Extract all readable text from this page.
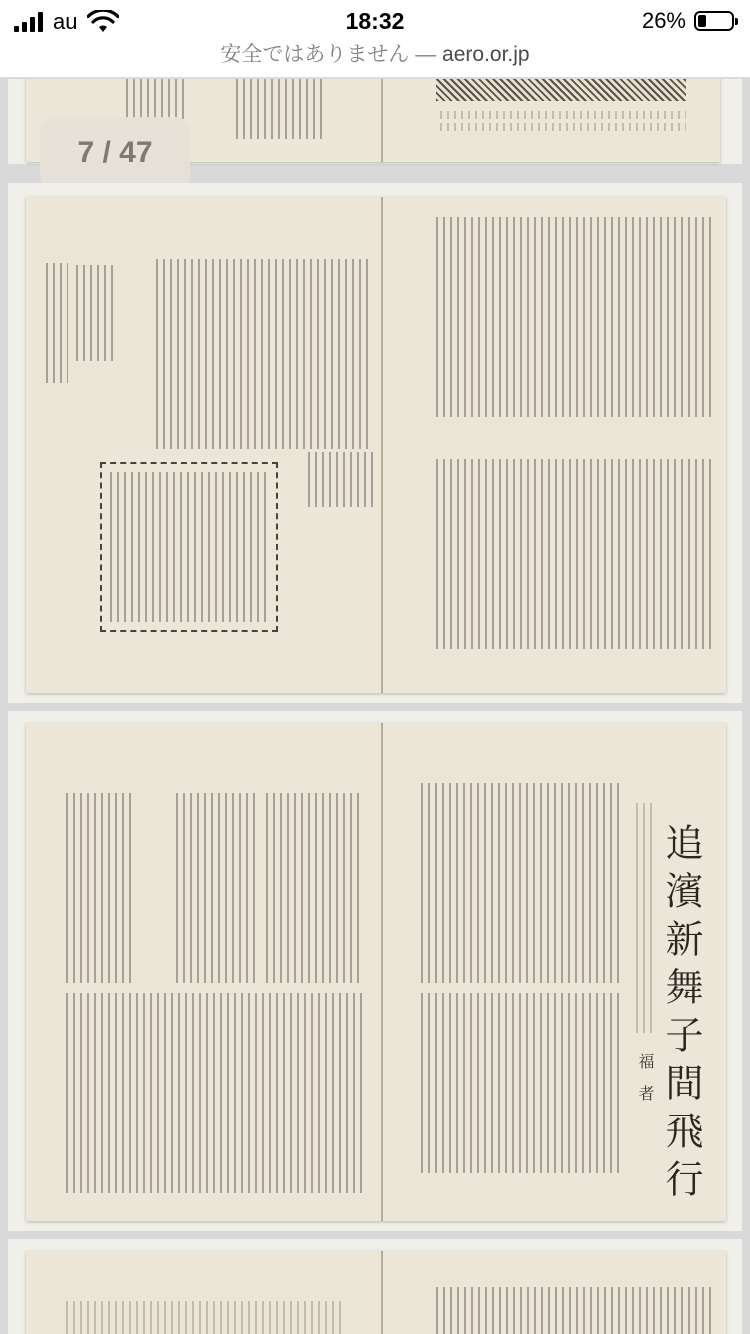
au	18:32	26%
安全ではありません — aero.or.jp
7 / 47
追濱新舞子間飛行
福　者
